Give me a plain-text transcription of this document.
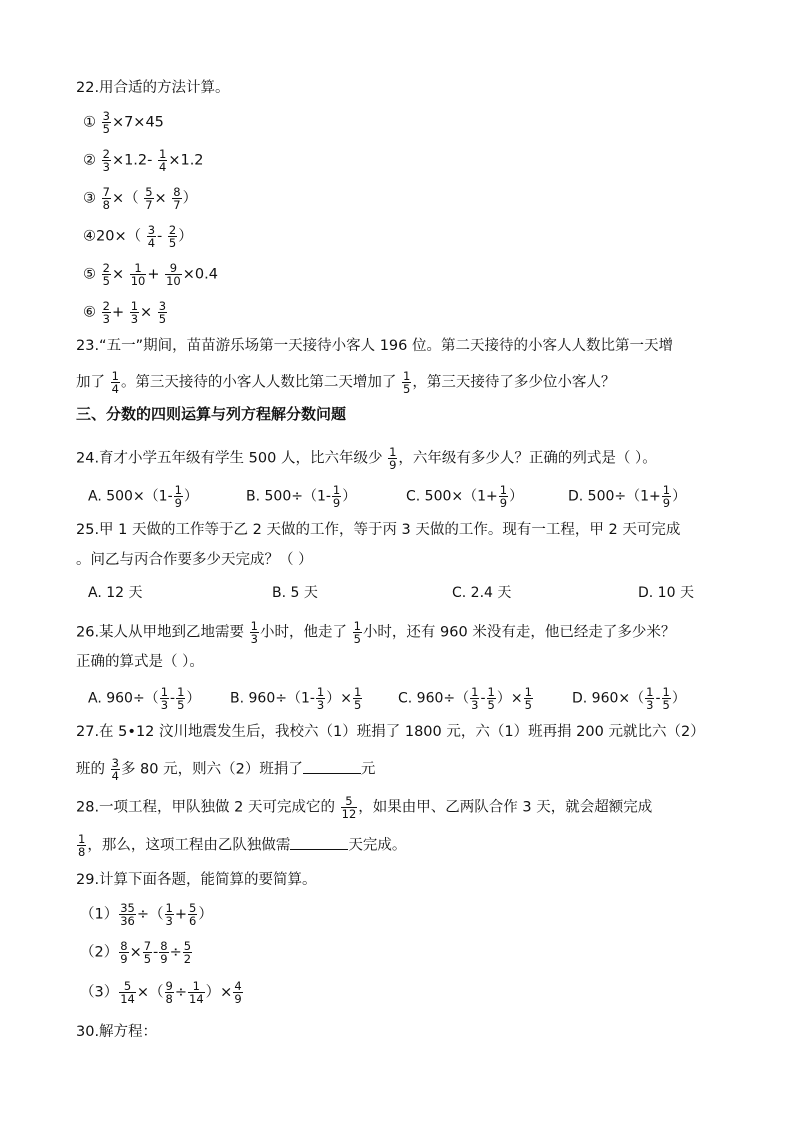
22.用合适的方法计算。
① $\frac{3}{5} \times 7\times 45$
② $\frac{2}{3} \times 1.2- \frac{1}{4} \times 1.2$
③ $\frac{7}{8}$ ×（ $\frac{5}{7} \times \frac{8}{7}$ ）
④20×（ $\frac{3}{4} - \frac{2}{5}$ ）
⑤ $\frac{2}{5} \times \frac{1}{10} + \frac{9}{10} \times 0.4$
⑥ $\frac{2}{3} + \frac{1}{3} \times \frac{3}{5}$
23.“五一”期间，苗苗游乐场第一天接待小客人 196 位。第二天接待的小客人人数比第一天增
加了 $\frac{1}{4}$ 。第三天接待的小客人人数比第二天增加了 $\frac{1}{5}$ ，第三天接待了多少位小客人？
三、分数的四则运算与列方程解分数问题
24.育才小学五年级有学生 500 人，比六年级少 $\frac{1}{9}$ ，六年级有多少人？正确的列式是（ ）。
A. $500\times(1- \frac{1}{9}$ ）	B. $500\div(1- \frac{1}{9}$ ）	C. $500\times(1+ \frac{1}{9}$ ）	D. $500\div(1+ \frac{1}{9}$ ）
25.甲 1 天做的工作等于乙 2 天做的工作，等于丙 3 天做的工作。现有一工程，甲 2 天可完成
。问乙与丙合作要多少天完成？（ ）
A. 12 天	B. 5 天	C. 2.4 天	D. 10 天
26.某人从甲地到乙地需要 $\frac{1}{3}$ 小时，他走了 $\frac{1}{5}$ 小时，还有 960 米没有走，他已经走了多少米？
正确的算式是（ ）。
A. $960\div( \frac{1}{3} - \frac{1}{5}$ ） B. $960\div(1- \frac{1}{3}$ ）× $\frac{1}{5}$	C. $960\div( \frac{1}{3} - \frac{1}{5}$ ）× $\frac{1}{5}$	D. $960\times( \frac{1}{3} - \frac{1}{5}$ ）
27.在 5•12 汶川地震发生后，我校六（1）班捐了 1800 元，六（1）班再捐 200 元就比六（2）
班的 $\frac{3}{4}$ 多 80 元，则六（2）班捐了	元
28.一项工程，甲队独做 2 天可完成它的 $\frac{5}{12}$ ，如果由甲、乙两队合作 3 天，就会超额完成
$\frac{1}{8}$ ，那么，这项工程由乙队独做需	天完成。
29.计算下面各题，能简算的要简算。
$(1) \frac{35}{36}$ ÷（ $\frac{1}{3} + \frac{5}{6}$ ）
$(2) \frac{8}{9} \times \frac{7}{5} - \frac{8}{9} \div \frac{5}{2}$
$(3) \frac{5}{14}$ ×（ $\frac{9}{8} \div \frac{1}{14}$ ）× $\frac{4}{9}$
30.解方程：
